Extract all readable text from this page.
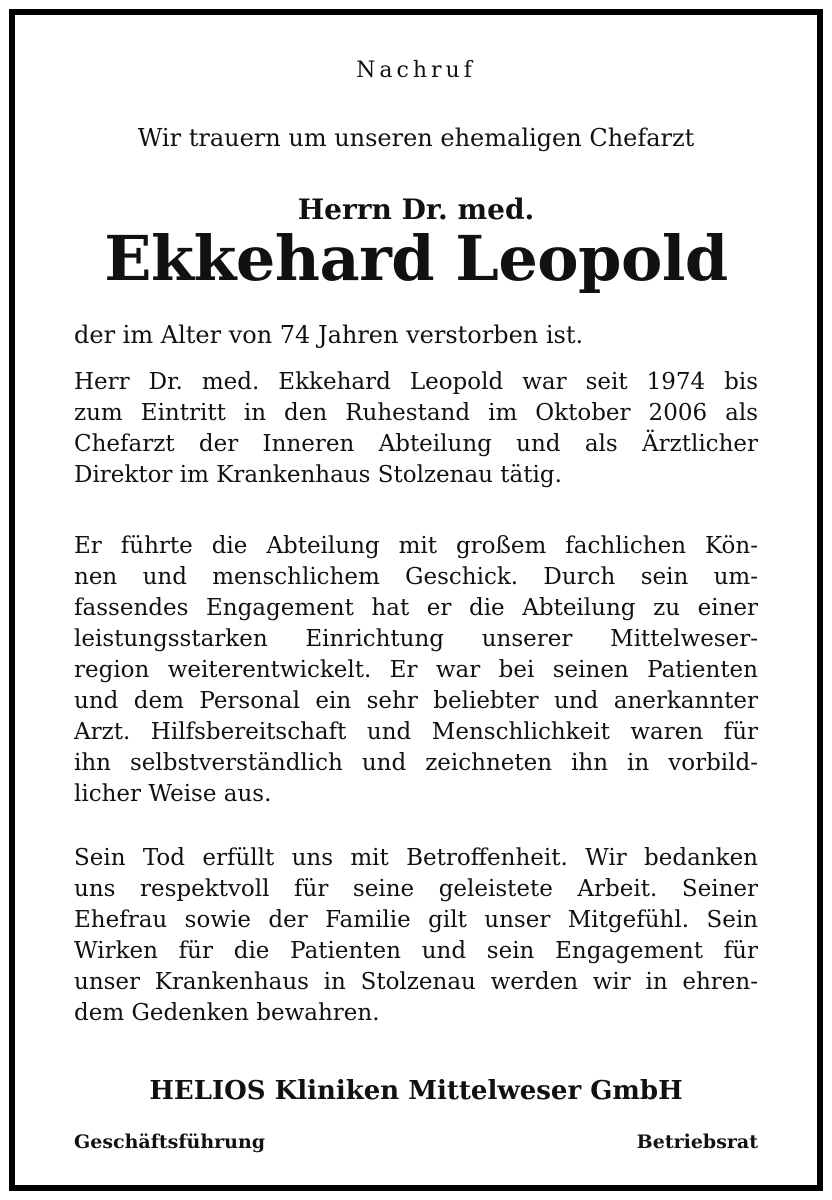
Nachruf

Wir trauern um unseren ehemaligen Chefarzt

Herrn Dr. med.

Ekkehard Leopold

der im Alter von 74 Jahren verstorben ist.

Herr Dr. med. Ekkehard Leopold war seit 1974 bis
zum Eintritt in den Ruhestand im Oktober 2006 als
Chefarzt der Inneren Abteilung und als Ärztlicher
Direktor im Krankenhaus Stolzenau tätig.
Er führte die Abteilung mit großem fachlichen Kön-
nen und menschlichem Geschick. Durch sein um-
fassendes Engagement hat er die Abteilung zu einer
leistungsstarken Einrichtung unserer Mittelweser-
region weiterentwickelt. Er war bei seinen Patienten
und dem Personal ein sehr beliebter und anerkannter
Arzt. Hilfsbereitschaft und Menschlichkeit waren für
ihn selbstverständlich und zeichneten ihn in vorbild-
licher Weise aus.
Sein Tod erfüllt uns mit Betroffenheit. Wir bedanken
uns respektvoll für seine geleistete Arbeit. Seiner
Ehefrau sowie der Familie gilt unser Mitgefühl. Sein
Wirken für die Patienten und sein Engagement für
unser Krankenhaus in Stolzenau werden wir in ehren-
dem Gedenken bewahren.

HELIOS Kliniken Mittelweser GmbH

Geschäftsführung	Betriebsrat
